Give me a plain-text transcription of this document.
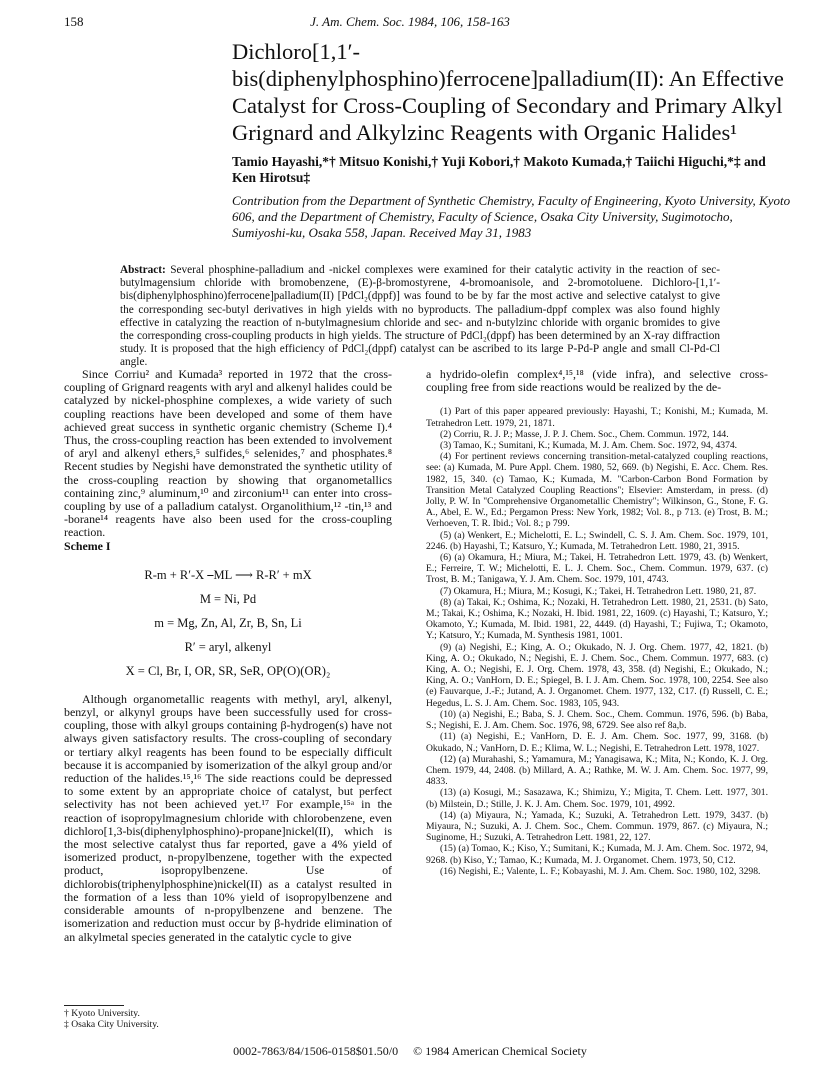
158	J. Am. Chem. Soc. 1984, 106, 158-163
Dichloro[1,1′-bis(diphenylphosphino)ferrocene]palladium(II): An Effective Catalyst for Cross-Coupling of Secondary and Primary Alkyl Grignard and Alkylzinc Reagents with Organic Halides¹
Tamio Hayashi,*† Mitsuo Konishi,† Yuji Kobori,† Makoto Kumada,† Taiichi Higuchi,*‡ and Ken Hirotsu‡
Contribution from the Department of Synthetic Chemistry, Faculty of Engineering, Kyoto University, Kyoto 606, and the Department of Chemistry, Faculty of Science, Osaka City University, Sugimotocho, Sumiyoshi-ku, Osaka 558, Japan. Received May 31, 1983
Abstract: Several phosphine-palladium and -nickel complexes were examined for their catalytic activity in the reaction of sec-butylmagensium chloride with bromobenzene, (E)-β-bromostyrene, 4-bromoanisole, and 2-bromotoluene. Dichloro-[1,1′-bis(diphenylphosphino)ferrocene]palladium(II) [PdCl₂(dppf)] was found to be by far the most active and selective catalyst to give the corresponding sec-butyl derivatives in high yields with no byproducts. The palladium-dppf complex was also found highly effective in catalyzing the reaction of n-butylmagnesium chloride and sec- and n-butylzinc chloride with organic bromides to give the corresponding cross-coupling products in high yields. The structure of PdCl₂(dppf) has been determined by an X-ray diffraction study. It is proposed that the high efficiency of PdCl₂(dppf) catalyst can be ascribed to its large P-Pd-P angle and small Cl-Pd-Cl angle.

Since Corriu² and Kumada³ reported in 1972 that the cross-coupling of Grignard reagents with aryl and alkenyl halides could be catalyzed by nickel-phosphine complexes, a wide variety of such coupling reactions have been developed and some of them have achieved great success in synthetic organic chemistry (Scheme I).⁴ Thus, the cross-coupling reaction has been extended to involvement of aryl and alkenyl ethers,⁵ sulfides,⁶ selenides,⁷ and phosphates.⁸ Recent studies by Negishi have demonstrated the synthetic utility of the cross-coupling reaction by showing that organometallics containing zinc,⁹ aluminum,¹⁰ and zirconium¹¹ can enter into cross-coupling by use of a palladium catalyst. Organolithium,¹² -tin,¹³ and -borane¹⁴ reagents have also been used for the cross-coupling reaction.

Scheme I

R-m + R′-X ⎯ML ⟶ R-R′ + mX
M = Ni, Pd
m = Mg, Zn, Al, Zr, B, Sn, Li
R′ = aryl, alkenyl
X = Cl, Br, I, OR, SR, SeR, OP(O)(OR)₂

Although organometallic reagents with methyl, aryl, alkenyl, benzyl, or alkynyl groups have been successfully used for cross-coupling, those with alkyl groups containing β-hydrogen(s) have not always given satisfactory results. The cross-coupling of secondary or tertiary alkyl reagents has been found to be especially difficult because it is accompanied by isomerization of the alkyl group and/or reduction of the halides.¹⁵,¹⁶ The side reactions could be depressed to some extent by an appropriate choice of catalyst, but perfect selectivity has not been achieved yet.¹⁷ For example,¹⁵ᵃ in the reaction of isopropylmagnesium chloride with chlorobenzene, even dichloro[1,3-bis(diphenylphosphino)-propane]nickel(II), which is the most selective catalyst thus far reported, gave a 4% yield of isomerized product, n-propylbenzene, together with the expected product, isopropylbenzene. Use of dichlorobis(triphenylphosphine)nickel(II) as a catalyst resulted in the formation of a less than 10% yield of isopropylbenzene and considerable amounts of n-propylbenzene and benzene. The isomerization and reduction must occur by β-hydride elimination of an alkylmetal species generated in the catalytic cycle to give

a hydrido-olefin complex⁴,¹⁵,¹⁸ (vide infra), and selective cross-coupling free from side reactions would be realized by the de-

(1) Part of this paper appeared previously: Hayashi, T.; Konishi, M.; Kumada, M. Tetrahedron Lett. 1979, 21, 1871.

(2) Corriu, R. J. P.; Masse, J. P. J. Chem. Soc., Chem. Commun. 1972, 144.

(3) Tamao, K.; Sumitani, K.; Kumada, M. J. Am. Chem. Soc. 1972, 94, 4374.

(4) For pertinent reviews concerning transition-metal-catalyzed coupling reactions, see: (a) Kumada, M. Pure Appl. Chem. 1980, 52, 669. (b) Negishi, E. Acc. Chem. Res. 1982, 15, 340. (c) Tamao, K.; Kumada, M. "Carbon-Carbon Bond Formation by Transition Metal Catalyzed Coupling Reactions"; Elsevier: Amsterdam, in press. (d) Jolly, P. W. In "Comprehensive Organometallic Chemistry"; Wilkinson, G., Stone, F. G. A., Abel, E. W., Ed.; Pergamon Press: New York, 1982; Vol. 8., p 713. (e) Trost, B. M.; Verhoeven, T. R. Ibid.; Vol. 8.; p 799.

(5) (a) Wenkert, E.; Michelotti, E. L.; Swindell, C. S. J. Am. Chem. Soc. 1979, 101, 2246. (b) Hayashi, T.; Katsuro, Y.; Kumada, M. Tetrahedron Lett. 1980, 21, 3915.

(6) (a) Okamura, H.; Miura, M.; Takei, H. Tetrahedron Lett. 1979, 43. (b) Wenkert, E.; Ferreire, T. W.; Michelotti, E. L. J. Chem. Soc., Chem. Commun. 1979, 637. (c) Trost, B. M.; Tanigawa, Y. J. Am. Chem. Soc. 1979, 101, 4743.

(7) Okamura, H.; Miura, M.; Kosugi, K.; Takei, H. Tetrahedron Lett. 1980, 21, 87.

(8) (a) Takai, K.; Oshima, K.; Nozaki, H. Tetrahedron Lett. 1980, 21, 2531. (b) Sato, M.; Takai, K.; Oshima, K.; Nozaki, H. Ibid. 1981, 22, 1609. (c) Hayashi, T.; Katsuro, Y.; Okamoto, Y.; Kumada, M. Ibid. 1981, 22, 4449. (d) Hayashi, T.; Fujiwa, T.; Okamoto, Y.; Katsuro, Y.; Kumada, M. Synthesis 1981, 1001.

(9) (a) Negishi, E.; King, A. O.; Okukado, N. J. Org. Chem. 1977, 42, 1821. (b) King, A. O.; Okukado, N.; Negishi, E. J. Chem. Soc., Chem. Commun. 1977, 683. (c) King, A. O.; Negishi, E. J. Org. Chem. 1978, 43, 358. (d) Negishi, E.; Okukado, N.; King, A. O.; VanHorn, D. E.; Spiegel, B. I. J. Am. Chem. Soc. 1978, 100, 2254. See also (e) Fauvarque, J.-F.; Jutand, A. J. Organomet. Chem. 1977, 132, C17. (f) Russell, C. E.; Hegedus, L. S. J. Am. Chem. Soc. 1983, 105, 943.

(10) (a) Negishi, E.; Baba, S. J. Chem. Soc., Chem. Commun. 1976, 596. (b) Baba, S.; Negishi, E. J. Am. Chem. Soc. 1976, 98, 6729. See also ref 8a,b.

(11) (a) Negishi, E.; VanHorn, D. E. J. Am. Chem. Soc. 1977, 99, 3168. (b) Okukado, N.; VanHorn, D. E.; Klima, W. L.; Negishi, E. Tetrahedron Lett. 1978, 1027.

(12) (a) Murahashi, S.; Yamamura, M.; Yanagisawa, K.; Mita, N.; Kondo, K. J. Org. Chem. 1979, 44, 2408. (b) Millard, A. A.; Rathke, M. W. J. Am. Chem. Soc. 1977, 99, 4833.

(13) (a) Kosugi, M.; Sasazawa, K.; Shimizu, Y.; Migita, T. Chem. Lett. 1977, 301. (b) Milstein, D.; Stille, J. K. J. Am. Chem. Soc. 1979, 101, 4992.

(14) (a) Miyaura, N.; Yamada, K.; Suzuki, A. Tetrahedron Lett. 1979, 3437. (b) Miyaura, N.; Suzuki, A. J. Chem. Soc., Chem. Commun. 1979, 867. (c) Miyaura, N.; Suginome, H.; Suzuki, A. Tetrahedron Lett. 1981, 22, 127.

(15) (a) Tomao, K.; Kiso, Y.; Sumitani, K.; Kumada, M. J. Am. Chem. Soc. 1972, 94, 9268. (b) Kiso, Y.; Tamao, K.; Kumada, M. J. Organomet. Chem. 1973, 50, C12.

(16) Negishi, E.; Valente, L. F.; Kobayashi, M. J. Am. Chem. Soc. 1980, 102, 3298.

† Kyoto University.
‡ Osaka City University.
0002-7863/84/1506-0158$01.50/0 © 1984 American Chemical Society
